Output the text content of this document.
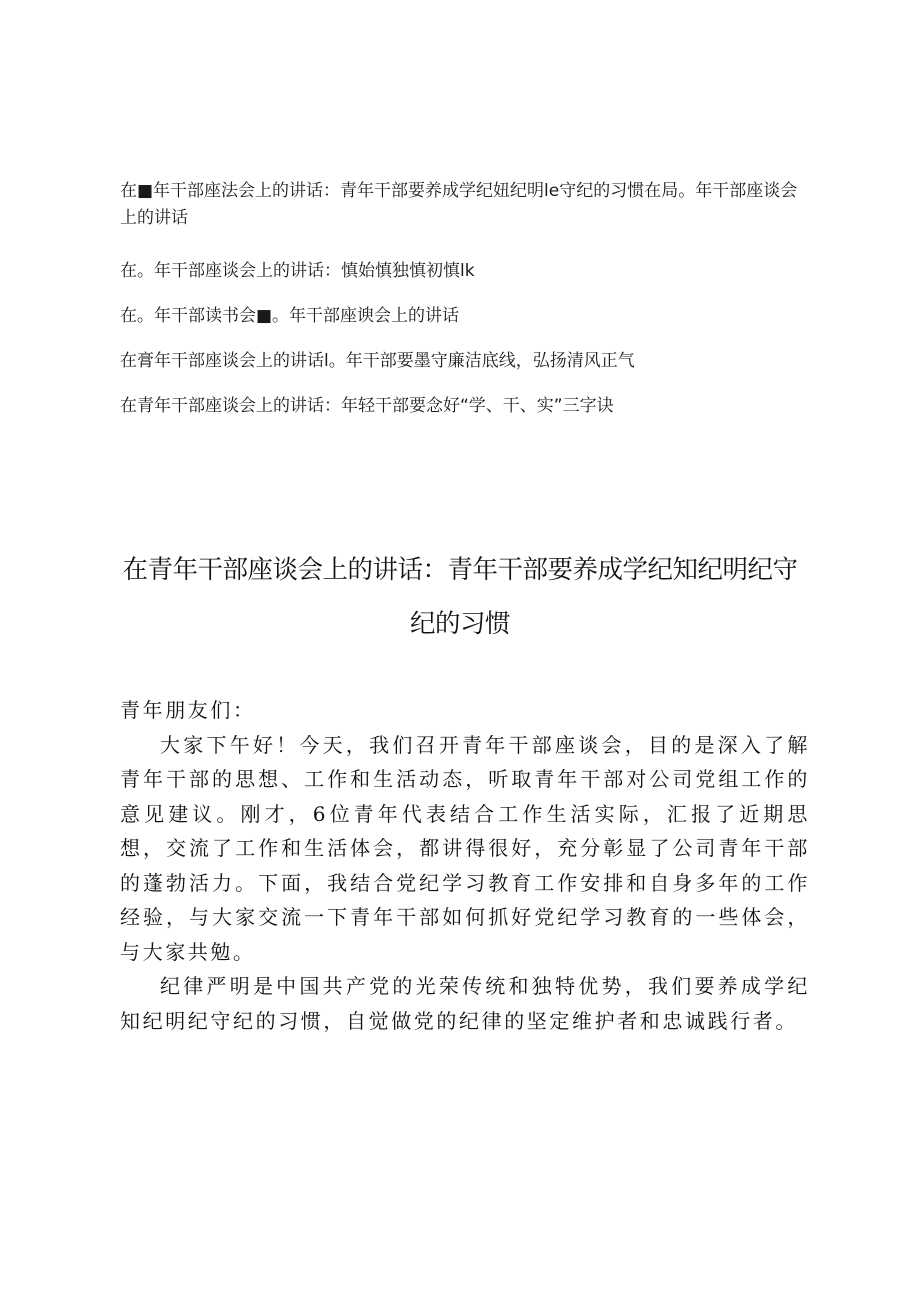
在■年干部座法会上的讲话：青年干部要养成学纪妞纪明le守纪的习惯在局。年干部座谈会上的讲话

在。年干部座谈会上的讲话：慎始慎独慎初慎lk

在。年干部读书会■。年干部座谀会上的讲话

在膏年干部座谈会上的讲话l。年干部要墨守廉洁底线，弘扬清风正气

在青年干部座谈会上的讲话：年轻干部要念好“学、干、实”三字诀

在青年干部座谈会上的讲话：青年干部要养成学纪知纪明纪守纪的习惯

青年朋友们：

大家下午好！今天，我们召开青年干部座谈会，目的是深入了解青年干部的思想、工作和生活动态，听取青年干部对公司党组工作的意见建议。刚才，6位青年代表结合工作生活实际，汇报了近期思想，交流了工作和生活体会，都讲得很好，充分彰显了公司青年干部的蓬勃活力。下面，我结合党纪学习教育工作安排和自身多年的工作经验，与大家交流一下青年干部如何抓好党纪学习教育的一些体会，与大家共勉。

纪律严明是中国共产党的光荣传统和独特优势，我们要养成学纪知纪明纪守纪的习惯，自觉做党的纪律的坚定维护者和忠诚践行者。
